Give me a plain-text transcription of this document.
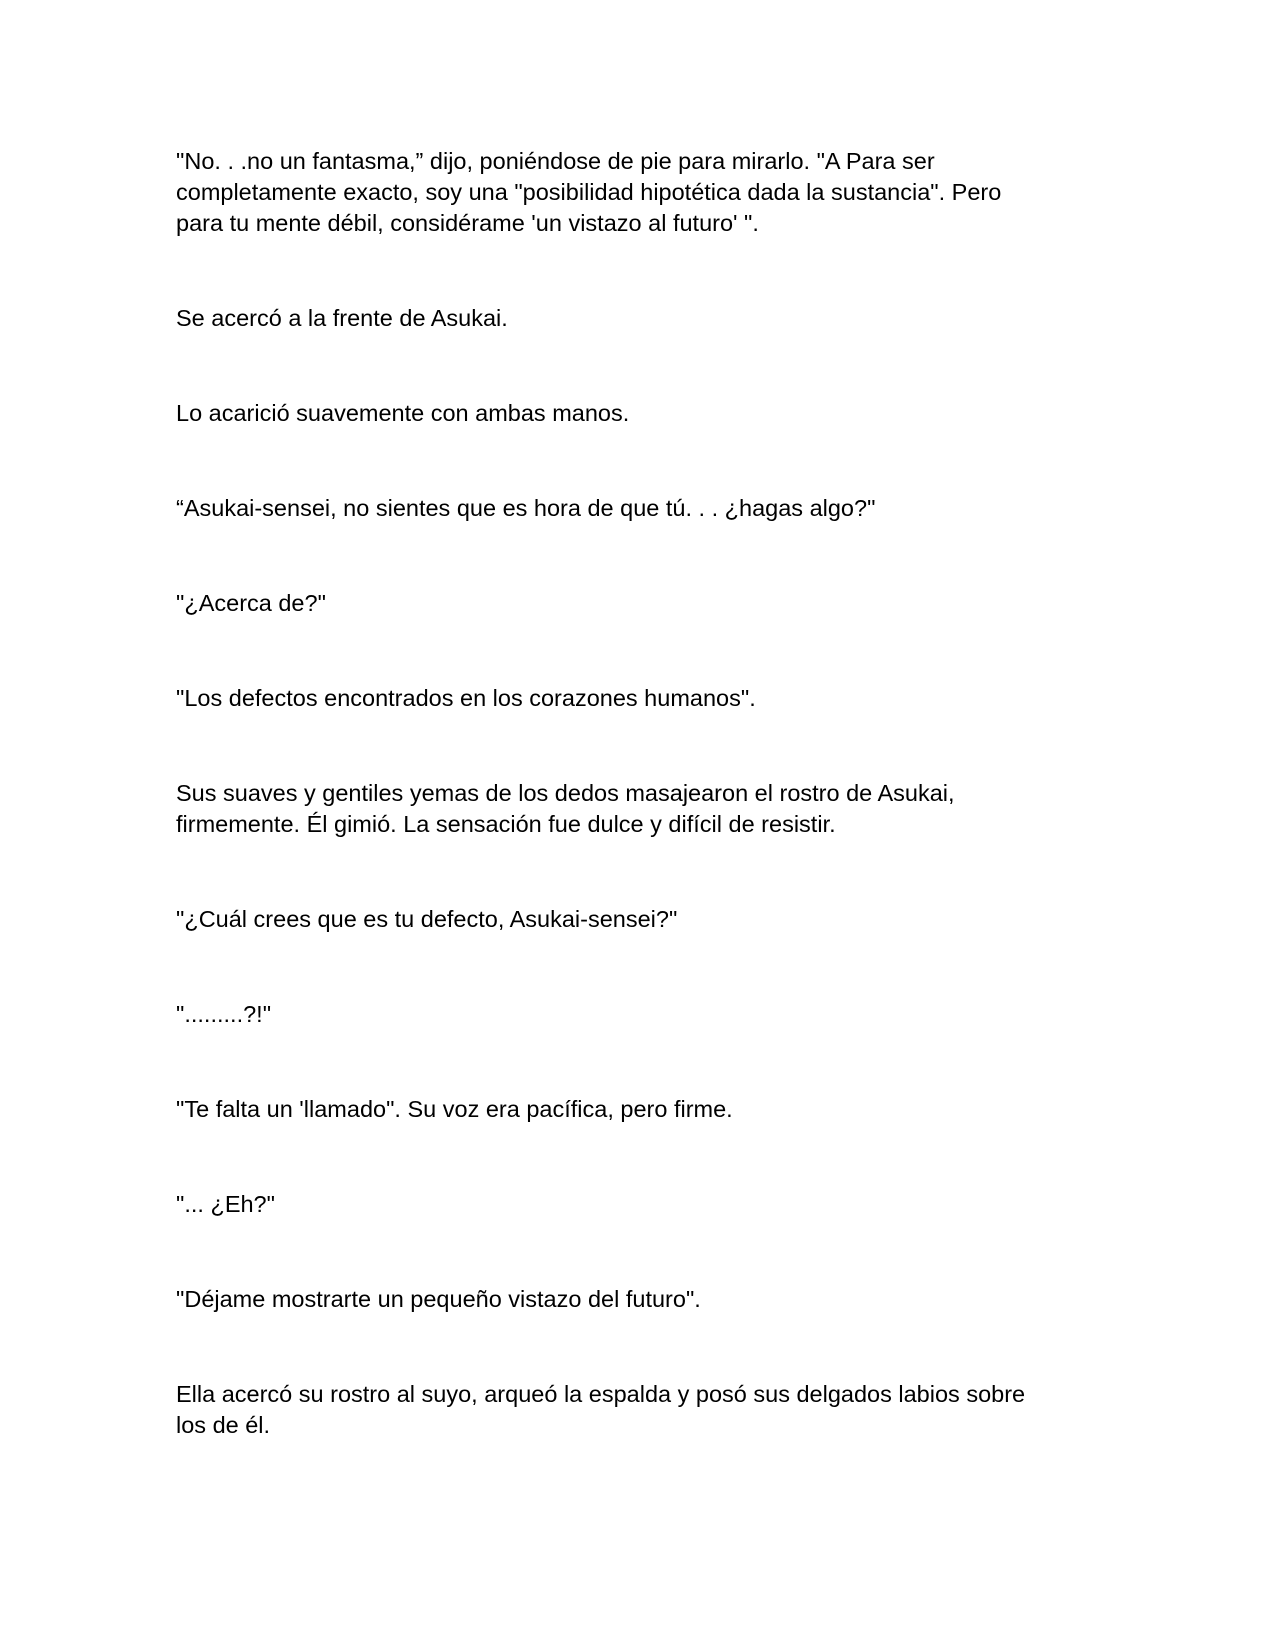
"No. . .no un fantasma,” dijo, poniéndose de pie para mirarlo. "A Para ser
completamente exacto, soy una "posibilidad hipotética dada la sustancia". Pero
para tu mente débil, considérame 'un vistazo al futuro' ".

Se acercó a la frente de Asukai.

Lo acarició suavemente con ambas manos.

“Asukai-sensei, no sientes que es hora de que tú. . . ¿hagas algo?"

"¿Acerca de?"

"Los defectos encontrados en los corazones humanos".

Sus suaves y gentiles yemas de los dedos masajearon el rostro de Asukai,
firmemente. Él gimió. La sensación fue dulce y difícil de resistir.

"¿Cuál crees que es tu defecto, Asukai-sensei?"

".........?!"

"Te falta un 'llamado". Su voz era pacífica, pero firme.

"... ¿Eh?"

"Déjame mostrarte un pequeño vistazo del futuro".

Ella acercó su rostro al suyo, arqueó la espalda y posó sus delgados labios sobre
los de él.
